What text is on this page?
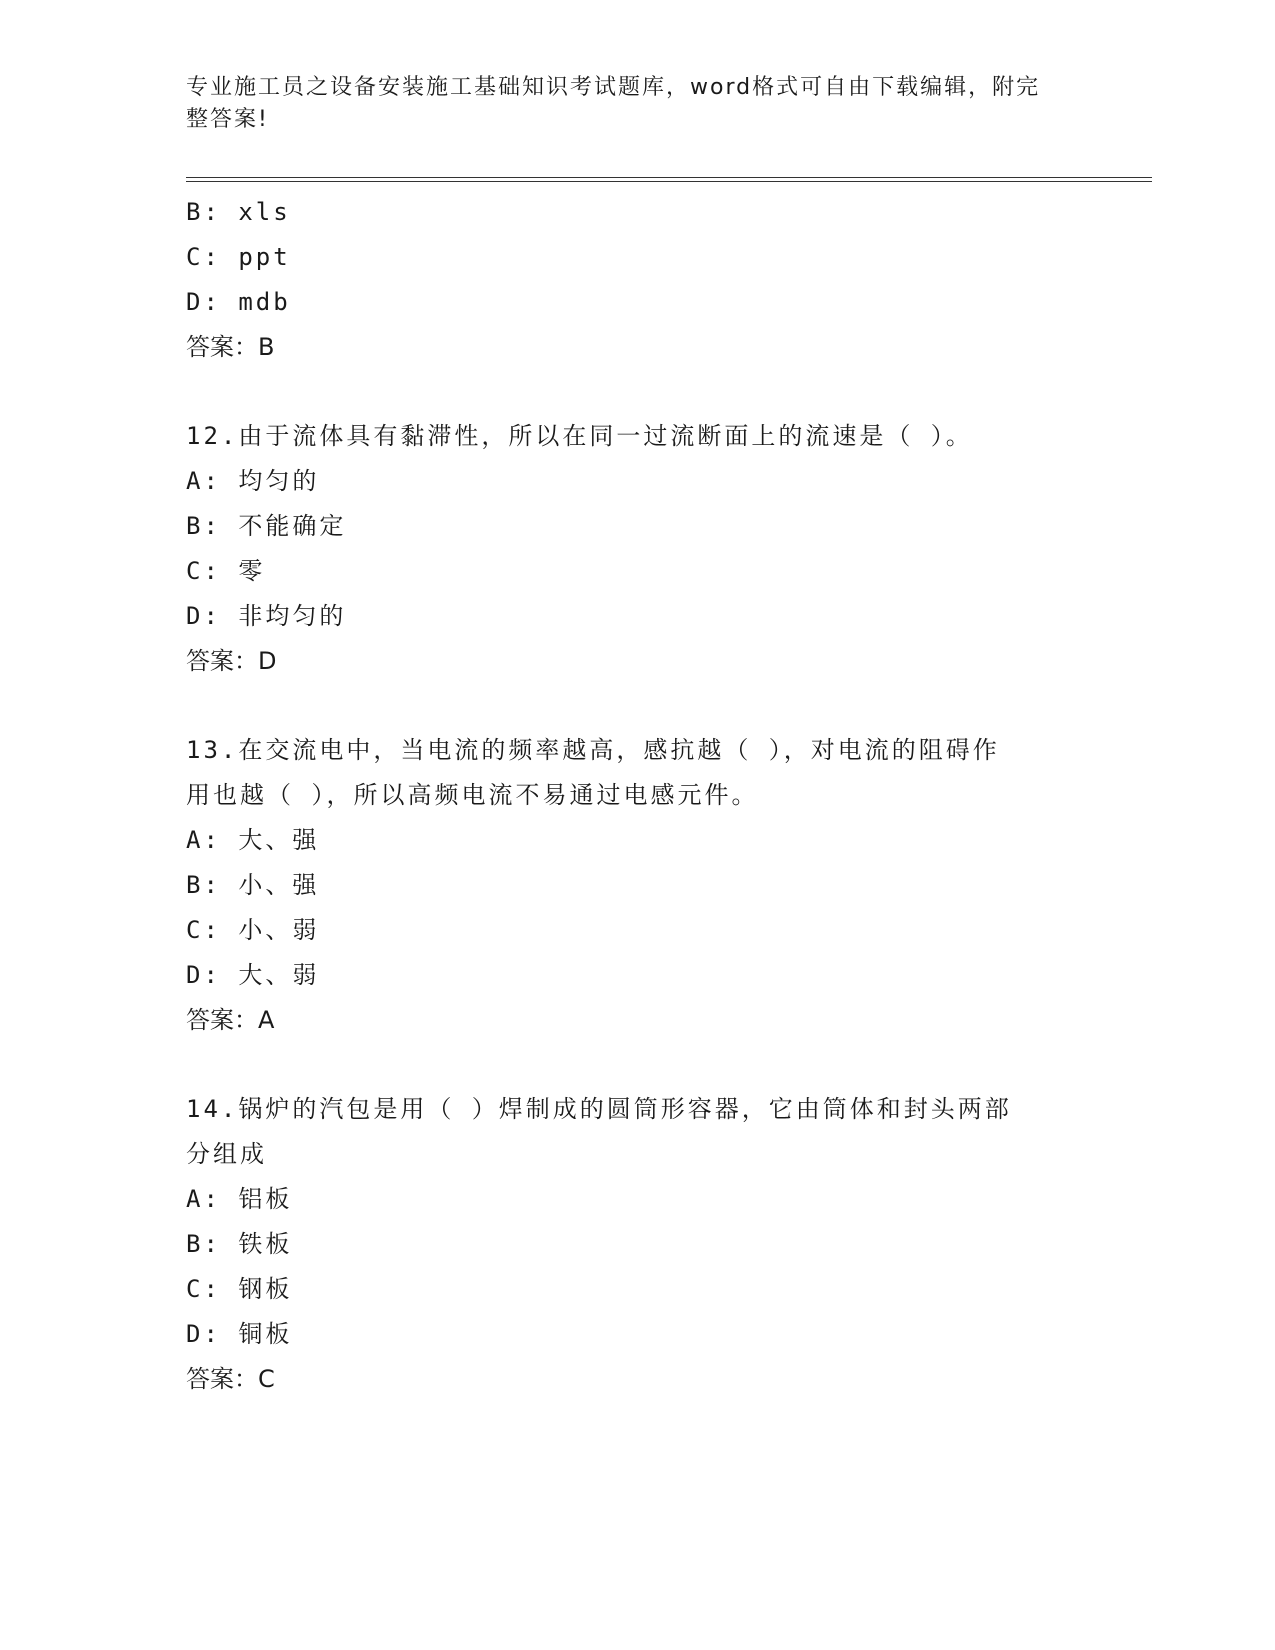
专业施工员之设备安装施工基础知识考试题库，word格式可自由下载编辑，附完
整答案!
B: xls
C: ppt
D: mdb
答案：B
12.由于流体具有黏滞性，所以在同一过流断面上的流速是（ ）。
A: 均匀的
B: 不能确定
C: 零
D: 非均匀的
答案：D
13.在交流电中，当电流的频率越高，感抗越（ ），对电流的阻碍作
用也越（ ），所以高频电流不易通过电感元件。
A: 大、强
B: 小、强
C: 小、弱
D: 大、弱
答案：A
14.锅炉的汽包是用（ ）焊制成的圆筒形容器，它由筒体和封头两部
分组成
A: 铝板
B: 铁板
C: 钢板
D: 铜板
答案：C
